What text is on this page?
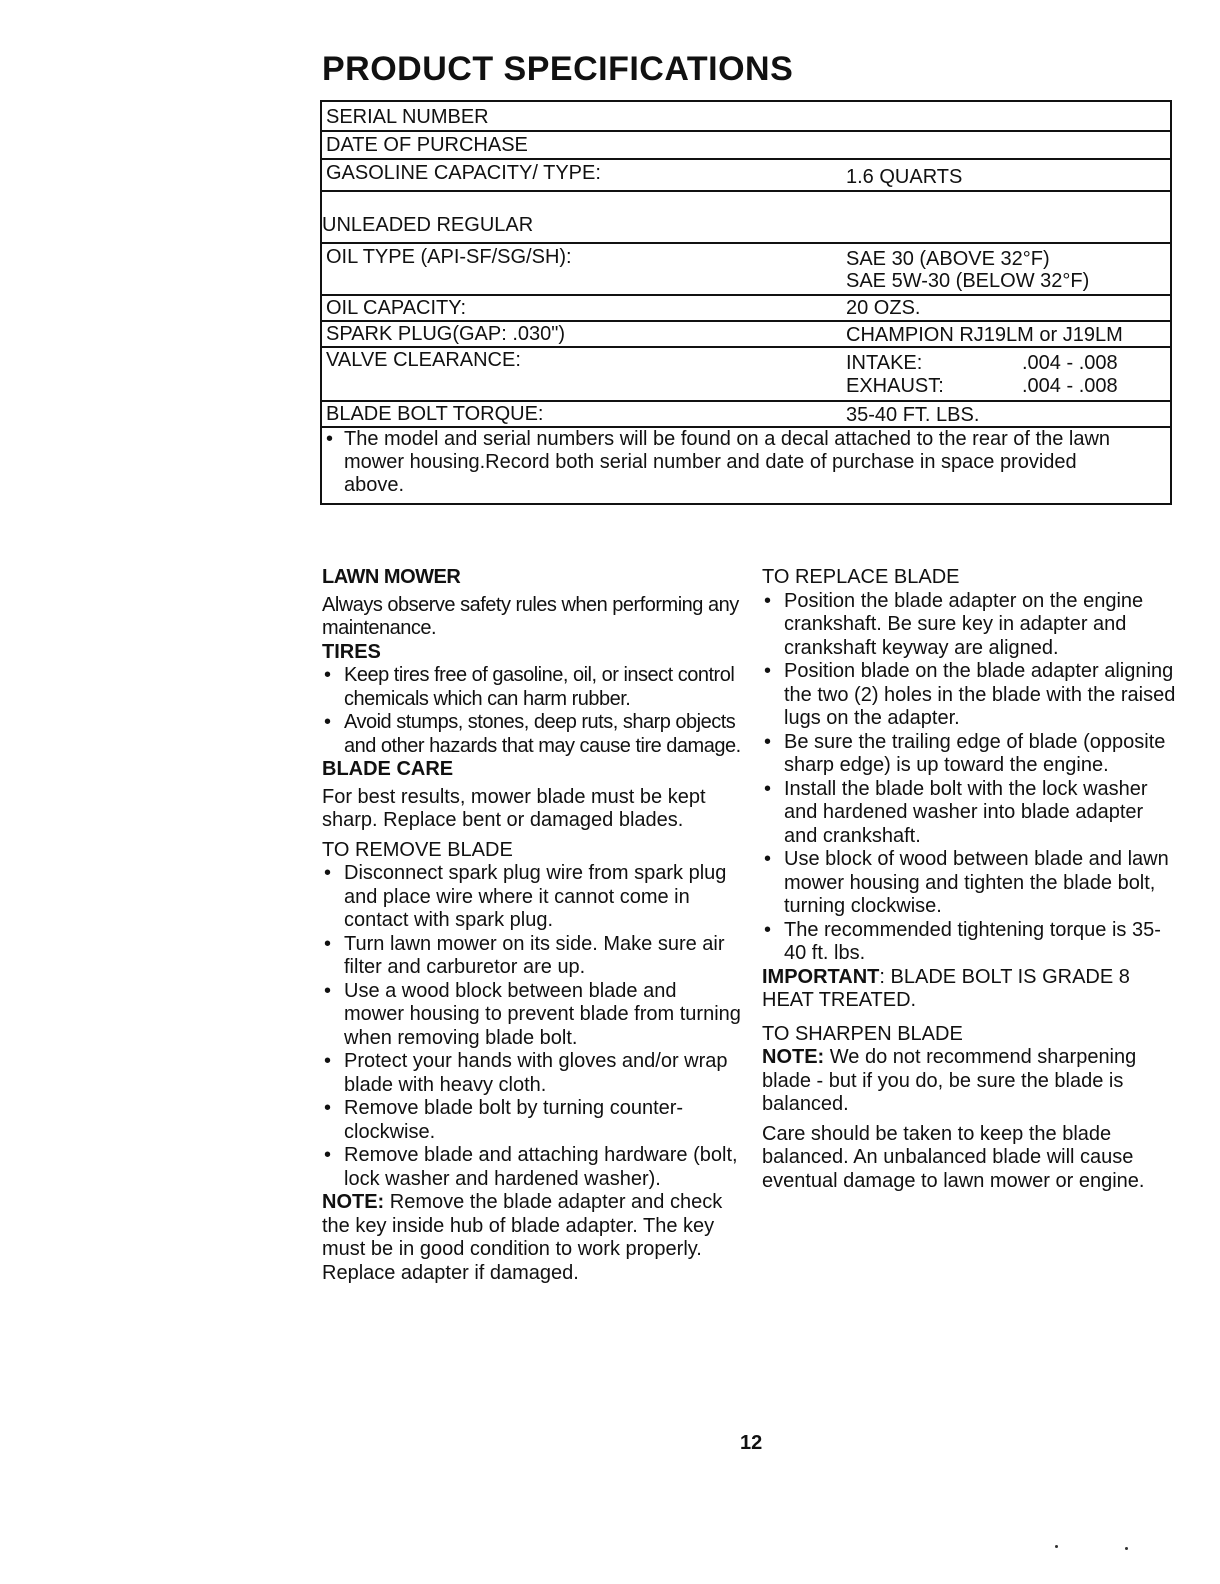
PRODUCT SPECIFICATIONS
SERIAL NUMBER
DATE OF PURCHASE
GASOLINE CAPACITY/ TYPE:	1.6 QUARTS
UNLEADED REGULAR
OIL TYPE (API-SF/SG/SH):	SAE 30 (ABOVE 32°F)
SAE 5W-30 (BELOW 32°F)
OIL CAPACITY:	20 OZS.
SPARK PLUG(GAP: .030")	CHAMPION RJ19LM or J19LM
VALVE CLEARANCE:	INTAKE:	.004 - .008
EXHAUST:	.004 - .008
BLADE BOLT TORQUE:	35-40 FT. LBS.
• The model and serial numbers will be found on a decal attached to the rear of the lawn mower housing.Record both serial number and date of purchase in space provided above.
LAWN MOWER

Always observe safety rules when performing any maintenance.

TIRES
• Keep tires free of gasoline, oil, or insect control chemicals which can harm rubber.
• Avoid stumps, stones, deep ruts, sharp objects and other hazards that may cause tire damage.
BLADE CARE

For best results, mower blade must be kept sharp. Replace bent or damaged blades.

TO REMOVE BLADE
• Disconnect spark plug wire from spark plug and place wire where it cannot come in contact with spark plug.
• Turn lawn mower on its side. Make sure air filter and carburetor are up.
• Use a wood block between blade and mower housing to prevent blade from turning when removing blade bolt.
• Protect your hands with gloves and/or wrap blade with heavy cloth.
• Remove blade bolt by turning counter-clockwise.
• Remove blade and attaching hardware (bolt, lock washer and hardened washer).

NOTE: Remove the blade adapter and check the key inside hub of blade adapter. The key must be in good condition to work properly. Replace adapter if damaged.

TO REPLACE BLADE
• Position the blade adapter on the engine crankshaft. Be sure key in adapter and crankshaft keyway are aligned.
• Position blade on the blade adapter aligning the two (2) holes in the blade with the raised lugs on the adapter.
• Be sure the trailing edge of blade (opposite sharp edge) is up toward the engine.
• Install the blade bolt with the lock washer and hardened washer into blade adapter and crankshaft.
• Use block of wood between blade and lawn mower housing and tighten the blade bolt, turning clockwise.
• The recommended tightening torque is 35-40 ft. lbs.

IMPORTANT: BLADE BOLT IS GRADE 8 HEAT TREATED.

TO SHARPEN BLADE

NOTE: We do not recommend sharpening blade - but if you do, be sure the blade is balanced.

Care should be taken to keep the blade balanced. An unbalanced blade will cause eventual damage to lawn mower or engine.

12
